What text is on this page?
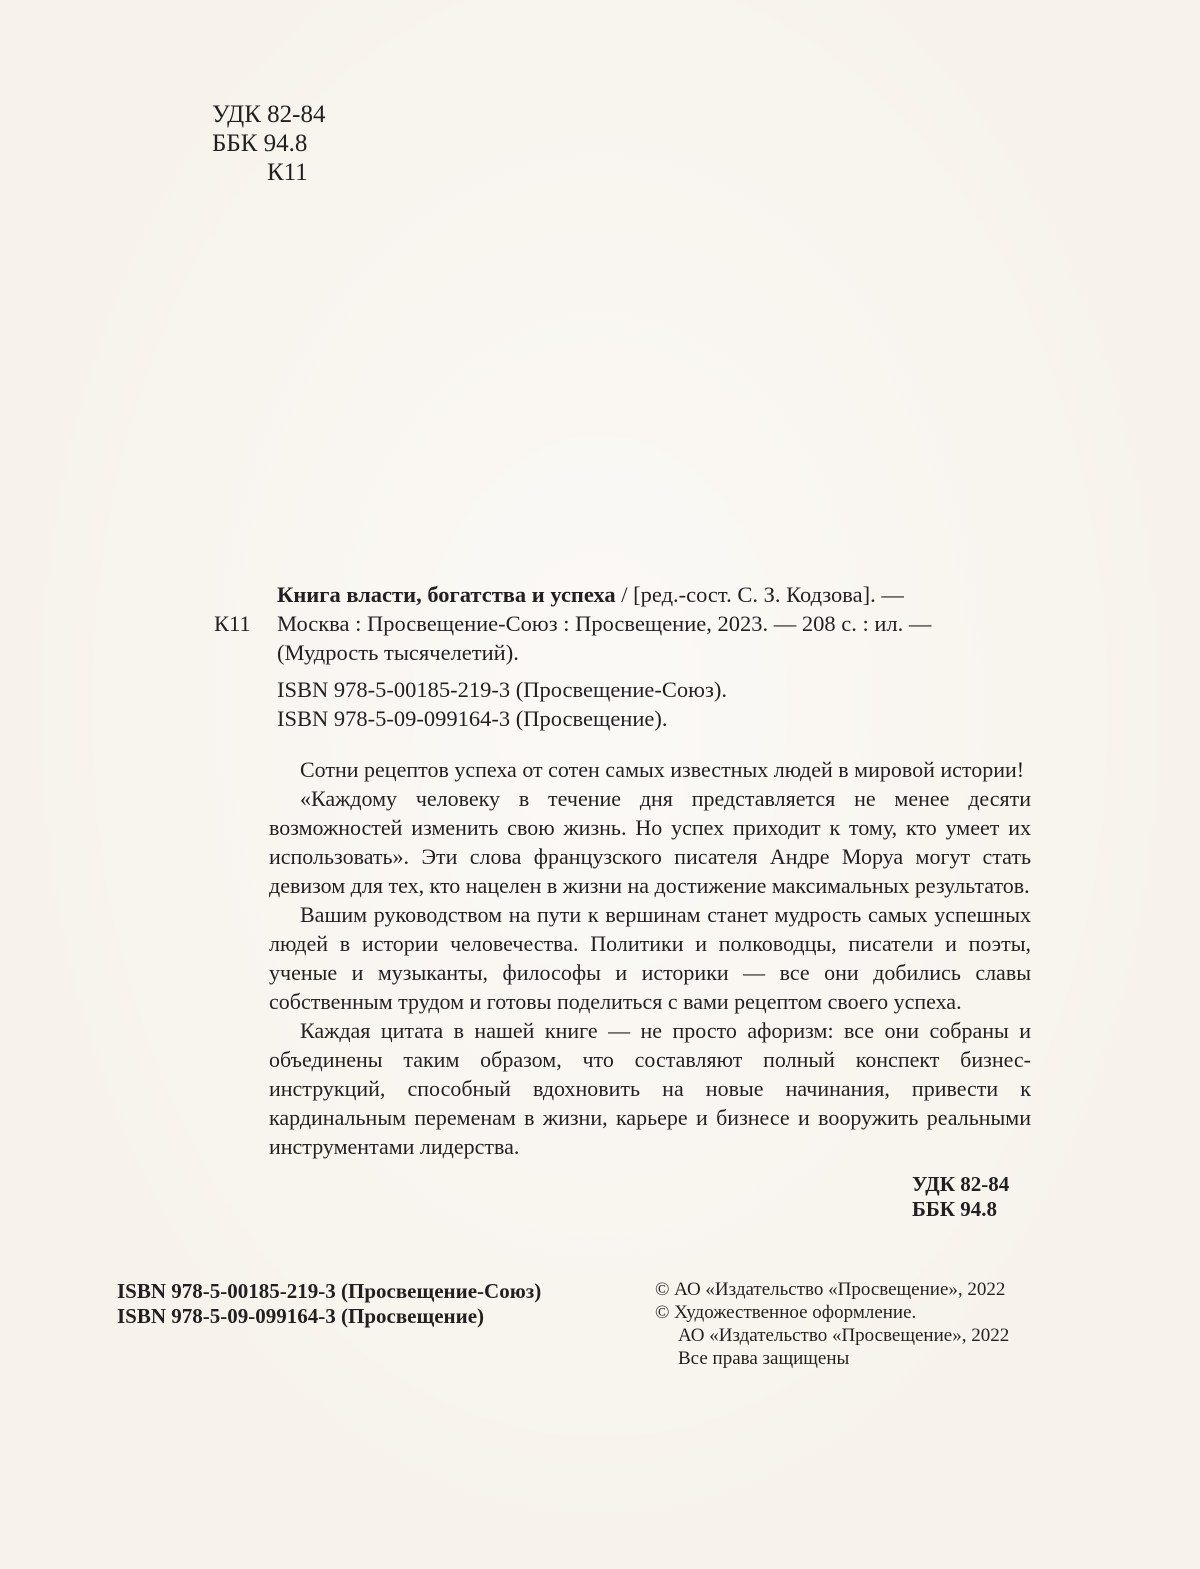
УДК 82-84
ББК 94.8
К11
К11
Книга власти, богатства и успеха / [ред.-сост. С. З. Кодзова]. —
Москва : Просвещение-Союз : Просвещение, 2023. — 208 с. : ил. —
(Мудрость тысячелетий).
ISBN 978-5-00185-219-3 (Просвещение-Союз).
ISBN 978-5-09-099164-3 (Просвещение).

Сотни рецептов успеха от сотен самых известных людей в мировой истории!

«Каждому человеку в течение дня представляется не менее десяти возможностей изменить свою жизнь. Но успех приходит к тому, кто умеет их использовать». Эти слова французского писателя Андре Моруа могут стать девизом для тех, кто нацелен в жизни на достижение максимальных результатов.

Вашим руководством на пути к вершинам станет мудрость самых успешных людей в истории человечества. Политики и полководцы, писатели и поэты, ученые и музыканты, философы и историки — все они добились славы собственным трудом и готовы поделиться с вами рецептом своего успеха.

Каждая цитата в нашей книге — не просто афоризм: все они собраны и объединены таким образом, что составляют полный конспект бизнес-инструкций, способный вдохновить на новые начинания, привести к кардинальным переменам в жизни, карьере и бизнесе и вооружить реальными инструментами лидерства.

УДК 82-84
ББК 94.8
ISBN 978-5-00185-219-3 (Просвещение-Союз)
ISBN 978-5-09-099164-3 (Просвещение)
© АО «Издательство «Просвещение», 2022
© Художественное оформление.
АО «Издательство «Просвещение», 2022
Все права защищены
